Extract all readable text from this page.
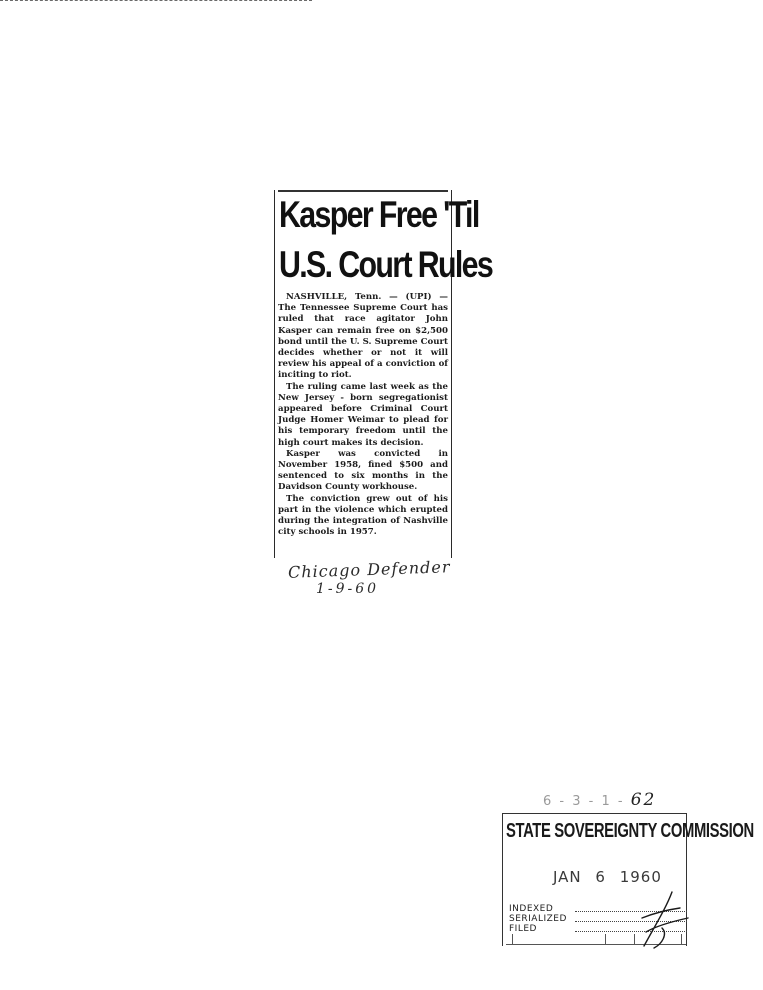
Kasper Free 'Til
U.S. Court Rules

NASHVILLE, Tenn. — (UPI) — The Tennessee Supreme Court has ruled that race agitator John Kasper can remain free on $2,500 bond until the U. S. Supreme Court decides whether or not it will review his appeal of a conviction of inciting to riot.

The ruling came last week as the New Jersey - born segregationist appeared before Criminal Court Judge Homer Weimar to plead for his temporary freedom until the high court makes its decision.

Kasper was convicted in November 1958, fined $500 and sentenced to six months in the Davidson County workhouse.

The conviction grew out of his part in the violence which erupted during the integration of Nashville city schools in 1957.

Chicago Defender
1-9-60
6 - 3 - 1 - 62
STATE SOVEREIGNTY COMMISSION
JAN 6 1960
INDEXED
SERIALIZED
FILED
